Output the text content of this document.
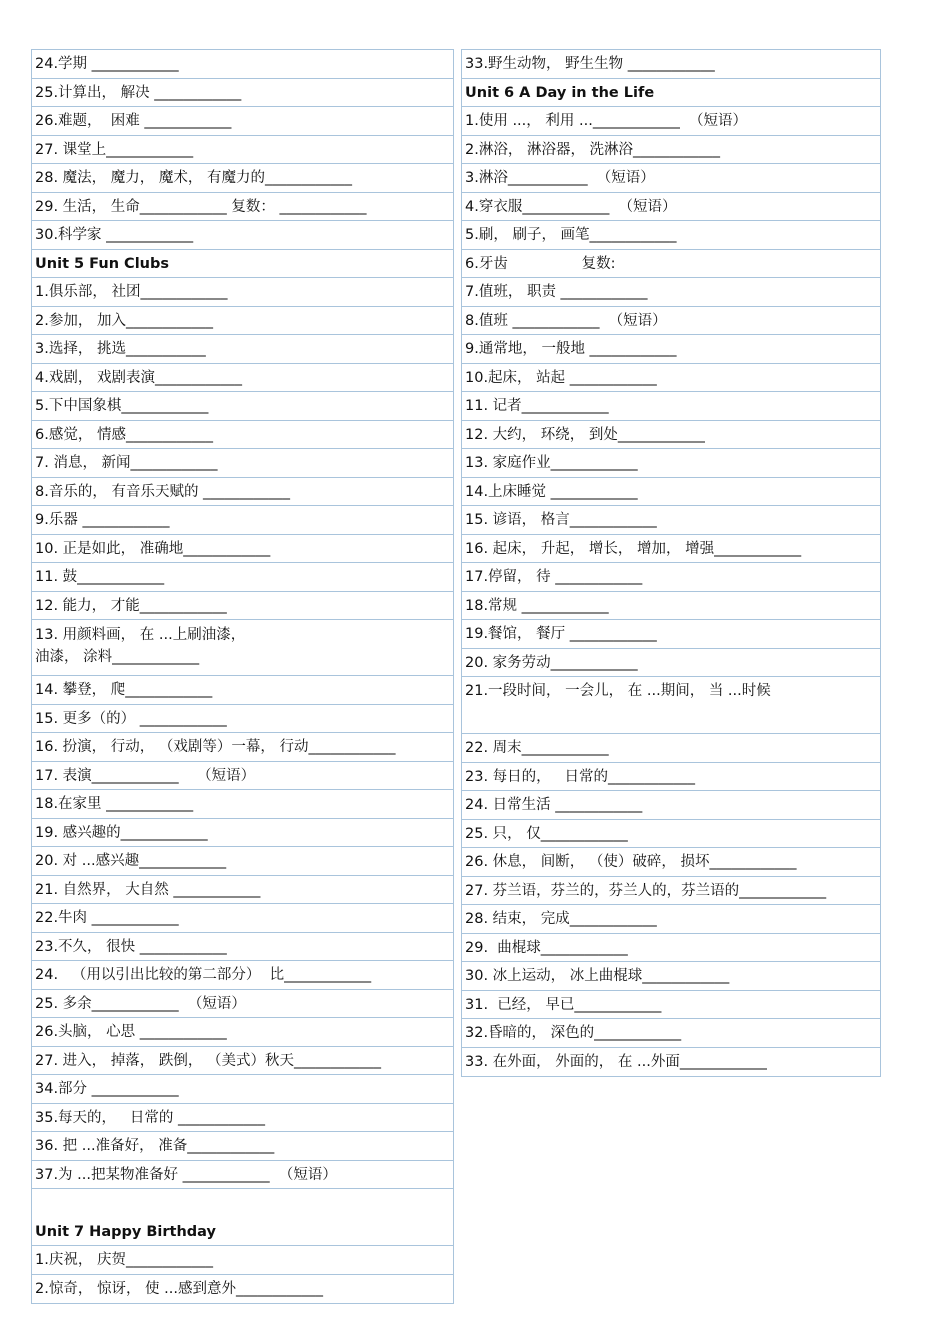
24.学期 ____________
25.计算出， 解决 ____________
26.难题，  困难 ____________
27. 课堂上____________
28. 魔法， 魔力， 魔术， 有魔力的____________
29. 生活， 生命____________ 复数： ____________
30.科学家 ____________
Unit 5 Fun Clubs
1.俱乐部， 社团____________
2.参加， 加入____________
3.选择， 挑选___________
4.戏剧， 戏剧表演____________
5.下中国象棋____________
6.感觉， 情感____________
7. 消息， 新闻____________
8.音乐的， 有音乐天赋的 ____________
9.乐器 ____________
10. 正是如此， 准确地____________
11. 鼓____________
12. 能力， 才能____________
13. 用颜料画， 在 ...上刷油漆，
油漆， 涂料____________
14. 攀登， 爬____________
15. 更多（的） ____________
16. 扮演， 行动， （戏剧等）一幕， 行动____________
17. 表演____________    （短语）
18.在家里 ____________
19. 感兴趣的____________
20. 对 ...感兴趣____________
21. 自然界， 大自然 ____________
22.牛肉 ____________
23.不久， 很快 ____________
24.   （用以引出比较的第二部分）  比____________
25. 多余____________  （短语）
26.头脑， 心思 ____________
27. 进入， 掉落， 跌倒， （美式）秋天____________
34.部分 ____________
35.每天的，   日常的 ____________
36. 把 ...准备好， 准备____________
37.为 ...把某物准备好 ____________  （短语）

Unit 7 Happy Birthday
1.庆祝， 庆贺____________
2.惊奇， 惊讶， 使 ...感到意外____________
33.野生动物， 野生生物 ____________
Unit 6 A Day in the Life
1.使用 ...， 利用 ...____________  （短语）
2.淋浴， 淋浴器， 洗淋浴____________
3.淋浴___________  （短语）
4.穿衣服____________  （短语）
5.刷， 刷子， 画笔____________
6.牙齿                复数:
7.值班， 职责 ____________
8.值班 ____________  （短语）
9.通常地， 一般地 ____________
10.起床， 站起 ____________
11. 记者____________
12. 大约， 环绕， 到处____________
13. 家庭作业____________
14.上床睡觉 ____________
15. 谚语， 格言____________
16. 起床， 升起， 增长， 增加， 增强____________
17.停留， 待 ____________
18.常规 ____________
19.餐馆， 餐厅 ____________
20. 家务劳动____________
21.一段时间， 一会儿， 在 ...期间， 当 ...时候
22. 周末____________
23. 每日的，   日常的____________
24. 日常生活 ____________
25. 只， 仅____________
26. 休息， 间断， （使）破碎， 损坏____________
27. 芬兰语，芬兰的，芬兰人的，芬兰语的____________
28. 结束， 完成____________
29.  曲棍球____________
30. 冰上运动， 冰上曲棍球____________
31.  已经， 早已____________
32.昏暗的， 深色的____________
33. 在外面， 外面的， 在 ...外面____________
